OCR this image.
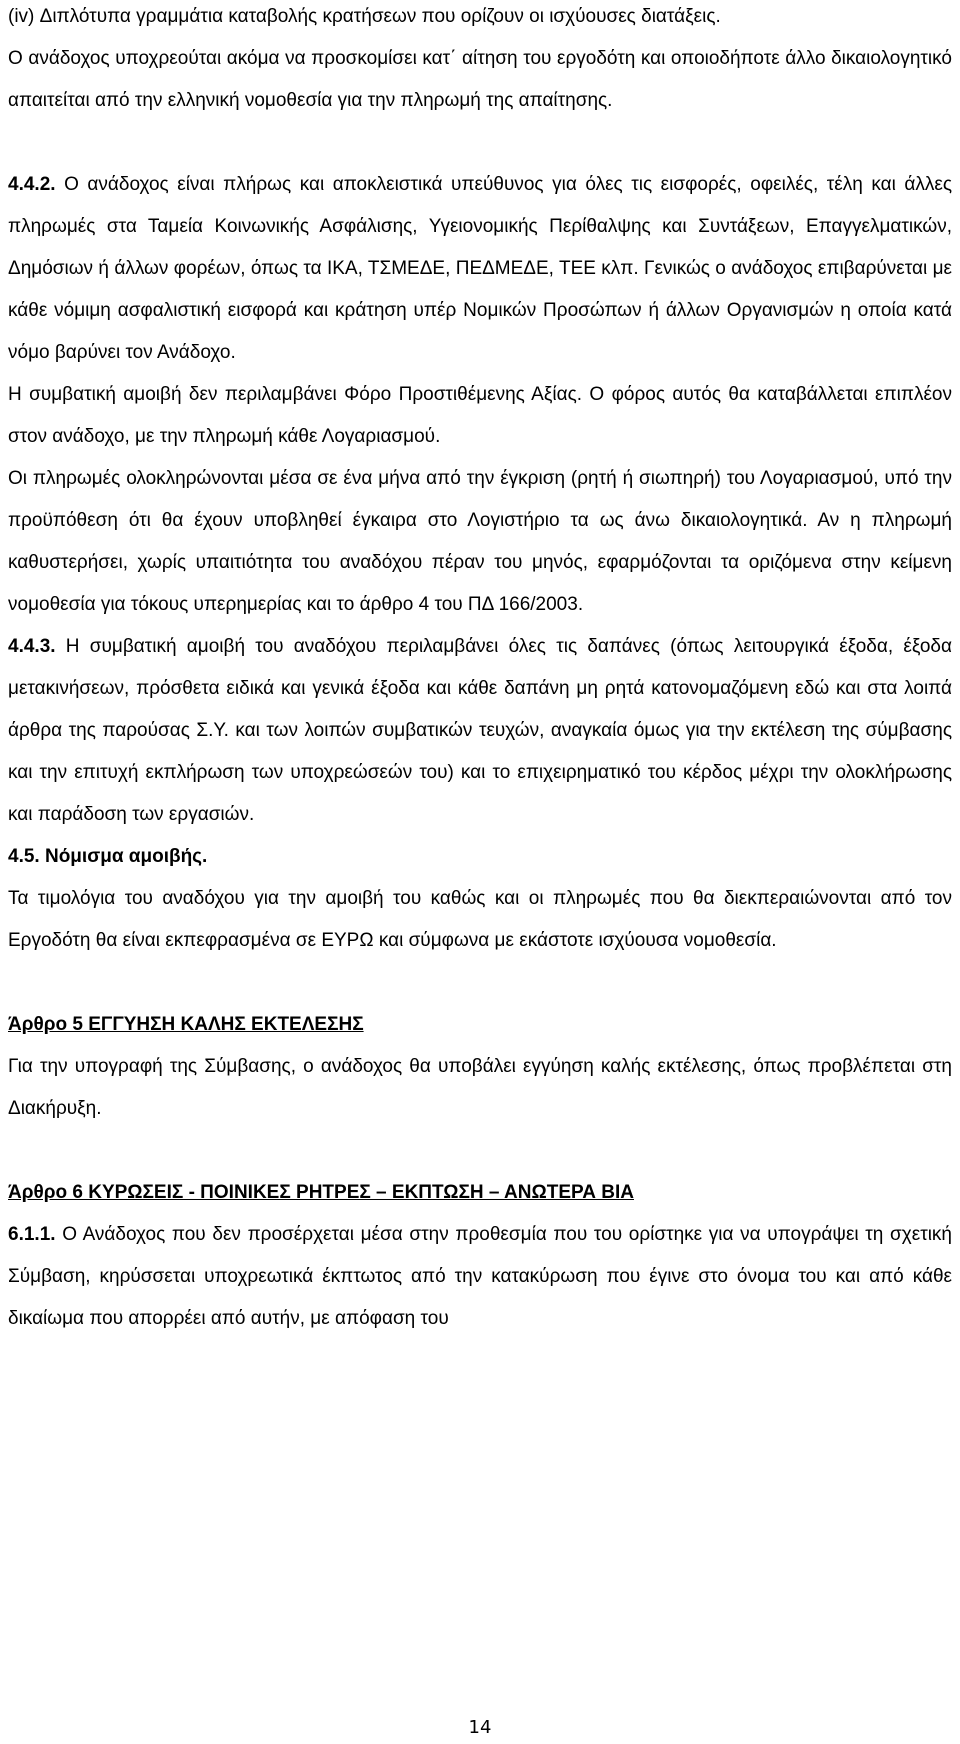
(iv) Διπλότυπα γραμμάτια καταβολής κρατήσεων που ορίζουν οι ισχύουσες διατάξεις.

Ο ανάδοχος υποχρεούται ακόμα να προσκομίσει κατ΄ αίτηση του εργοδότη και οποιοδήποτε άλλο δικαιολογητικό απαιτείται από την ελληνική νομοθεσία για την πληρωμή της απαίτησης.

4.4.2. Ο ανάδοχος είναι πλήρως και αποκλειστικά υπεύθυνος για όλες τις εισφορές, οφειλές, τέλη και άλλες πληρωμές στα Ταμεία Κοινωνικής Ασφάλισης, Υγειονομικής Περίθαλψης και Συντάξεων, Επαγγελματικών, Δημόσιων ή άλλων φορέων, όπως τα ΙΚΑ, ΤΣΜΕΔΕ, ΠΕΔΜΕΔΕ, ΤΕΕ κλπ. Γενικώς ο ανάδοχος επιβαρύνεται με κάθε νόμιμη ασφαλιστική εισφορά και κράτηση υπέρ Νομικών Προσώπων ή άλλων Οργανισμών η οποία κατά νόμο βαρύνει τον Ανάδοχο.

Η συμβατική αμοιβή δεν περιλαμβάνει Φόρο Προστιθέμενης Αξίας. Ο φόρος αυτός θα καταβάλλεται επιπλέον στον ανάδοχο, με την πληρωμή κάθε Λογαριασμού.

Οι πληρωμές ολοκληρώνονται μέσα σε ένα μήνα από την έγκριση (ρητή ή σιωπηρή) του Λογαριασμού, υπό την προϋπόθεση ότι θα έχουν υποβληθεί έγκαιρα στο Λογιστήριο τα ως άνω δικαιολογητικά. Αν η πληρωμή καθυστερήσει, χωρίς υπαιτιότητα του αναδόχου πέραν του μηνός, εφαρμόζονται τα οριζόμενα στην κείμενη νομοθεσία για τόκους υπερημερίας και το άρθρο 4 του ΠΔ 166/2003.

4.4.3. Η συμβατική αμοιβή του αναδόχου περιλαμβάνει όλες τις δαπάνες (όπως λειτουργικά έξοδα, έξοδα μετακινήσεων, πρόσθετα ειδικά και γενικά έξοδα και κάθε δαπάνη μη ρητά κατονομαζόμενη εδώ και στα λοιπά άρθρα της παρούσας Σ.Υ. και των λοιπών συμβατικών τευχών, αναγκαία όμως για την εκτέλεση της σύμβασης και την επιτυχή εκπλήρωση των υποχρεώσεών του) και το επιχειρηματικό του κέρδος μέχρι την ολοκλήρωσης και παράδοση των εργασιών.

4.5. Νόμισμα αμοιβής.

Τα τιμολόγια του αναδόχου για την αμοιβή του καθώς και οι πληρωμές που θα διεκπεραιώνονται από τον Εργοδότη θα είναι εκπεφρασμένα σε ΕΥΡΩ και σύμφωνα με εκάστοτε ισχύουσα νομοθεσία.

Άρθρο 5 ΕΓΓΥΗΣΗ ΚΑΛΗΣ ΕΚΤΕΛΕΣΗΣ

Για την υπογραφή της Σύμβασης, ο ανάδοχος θα υποβάλει εγγύηση καλής εκτέλεσης, όπως προβλέπεται στη Διακήρυξη.

Άρθρο 6 ΚΥΡΩΣΕΙΣ - ΠΟΙΝΙΚΕΣ ΡΗΤΡΕΣ – ΕΚΠΤΩΣΗ – ΑΝΩΤΕΡΑ ΒΙΑ

6.1.1. Ο Ανάδοχος που δεν προσέρχεται μέσα στην προθεσμία που του ορίστηκε για να υπογράψει τη σχετική Σύμβαση, κηρύσσεται υποχρεωτικά έκπτωτος από την κατακύρωση που έγινε στο όνομα του και από κάθε δικαίωμα που απορρέει από αυτήν, με απόφαση του

14
